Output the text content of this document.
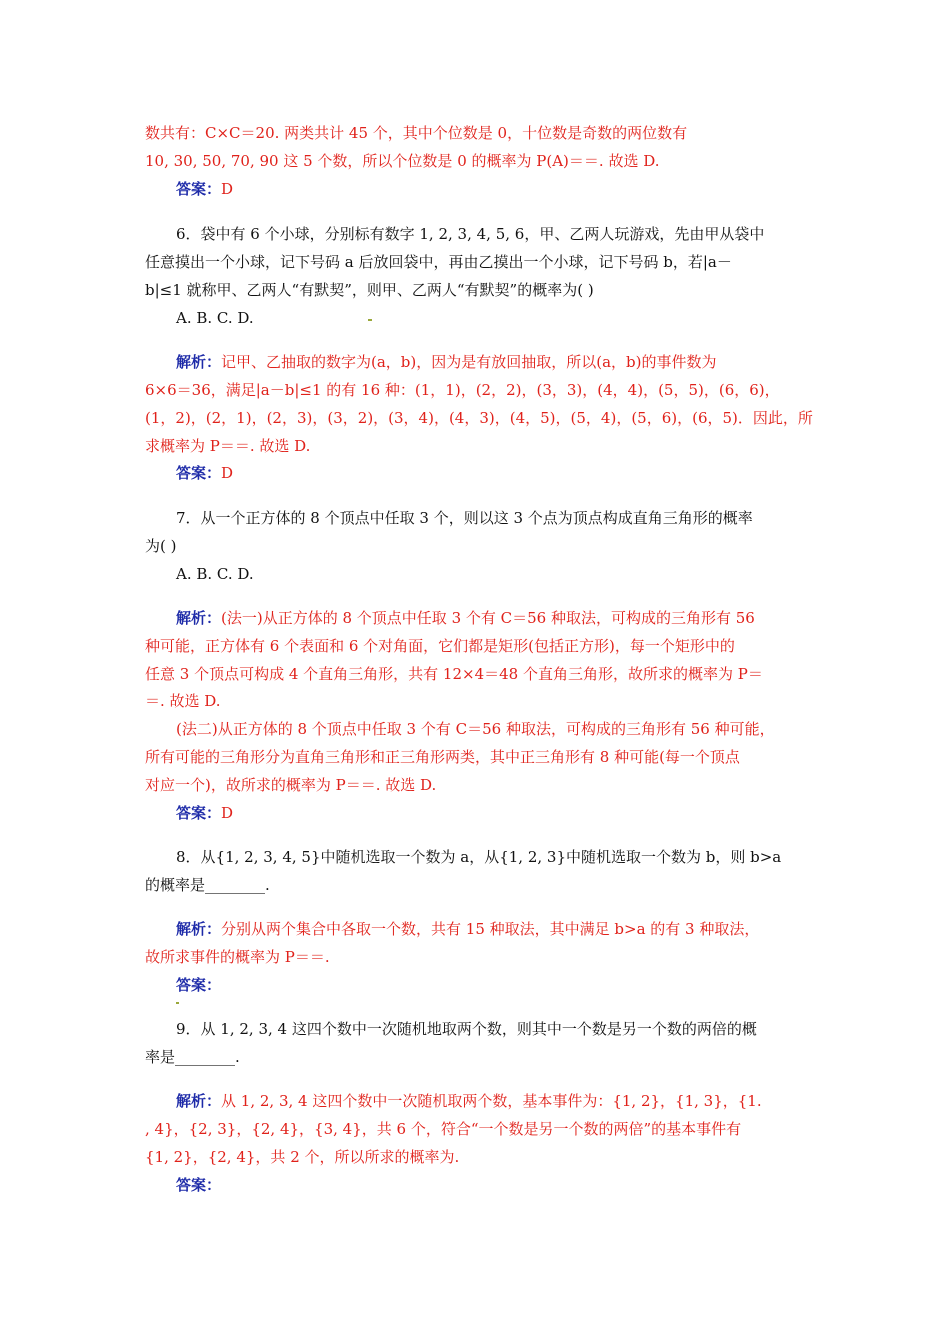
数共有：C×C＝20. 两类共计 45 个，其中个位数是 0，十位数是奇数的两位数有
10, 30, 50, 70, 90 这 5 个数，所以个位数是 0 的概率为 P(A)＝＝. 故选 D.
答案：D
6．袋中有 6 个小球，分别标有数字 1, 2, 3, 4, 5, 6，甲、乙两人玩游戏，先由甲从袋中
任意摸出一个小球，记下号码 a 后放回袋中，再由乙摸出一个小球，记下号码 b，若|a－
b|≤1 就称甲、乙两人“有默契”，则甲、乙两人“有默契”的概率为( )
A. B. C. D.
解析：记甲、乙抽取的数字为(a，b)，因为是有放回抽取，所以(a，b)的事件数为
6×6＝36，满足|a－b|≤1 的有 16 种：(1，1)，(2，2)，(3，3)，(4，4)，(5，5)，(6，6)，
(1，2)，(2，1)，(2，3)，(3，2)，(3，4)，(4，3)，(4，5)，(5，4)，(5，6)，(6，5)．因此，所
求概率为 P＝＝. 故选 D.
答案：D
7．从一个正方体的 8 个顶点中任取 3 个，则以这 3 个点为顶点构成直角三角形的概率
为( )
A. B. C. D.
解析：(法一)从正方体的 8 个顶点中任取 3 个有 C＝56 种取法，可构成的三角形有 56
种可能，正方体有 6 个表面和 6 个对角面，它们都是矩形(包括正方形)，每一个矩形中的
任意 3 个顶点可构成 4 个直角三角形，共有 12×4＝48 个直角三角形，故所求的概率为 P＝
＝. 故选 D.
(法二)从正方体的 8 个顶点中任取 3 个有 C＝56 种取法，可构成的三角形有 56 种可能，
所有可能的三角形分为直角三角形和正三角形两类，其中正三角形有 8 种可能(每一个顶点
对应一个)，故所求的概率为 P＝＝. 故选 D.
答案：D
8．从{1, 2, 3, 4, 5}中随机选取一个数为 a，从{1, 2, 3}中随机选取一个数为 b，则 b>a
的概率是________.
解析：分别从两个集合中各取一个数，共有 15 种取法，其中满足 b>a 的有 3 种取法，
故所求事件的概率为 P＝＝.
答案：
9．从 1, 2, 3, 4 这四个数中一次随机地取两个数，则其中一个数是另一个数的两倍的概
率是________.
解析：从 1, 2, 3, 4 这四个数中一次随机取两个数，基本事件为：{1, 2}，{1, 3}，{1.
, 4}，{2, 3}，{2, 4}，{3, 4}，共 6 个，符合“一个数是另一个数的两倍”的基本事件有
{1, 2}，{2, 4}，共 2 个，所以所求的概率为.
答案：
